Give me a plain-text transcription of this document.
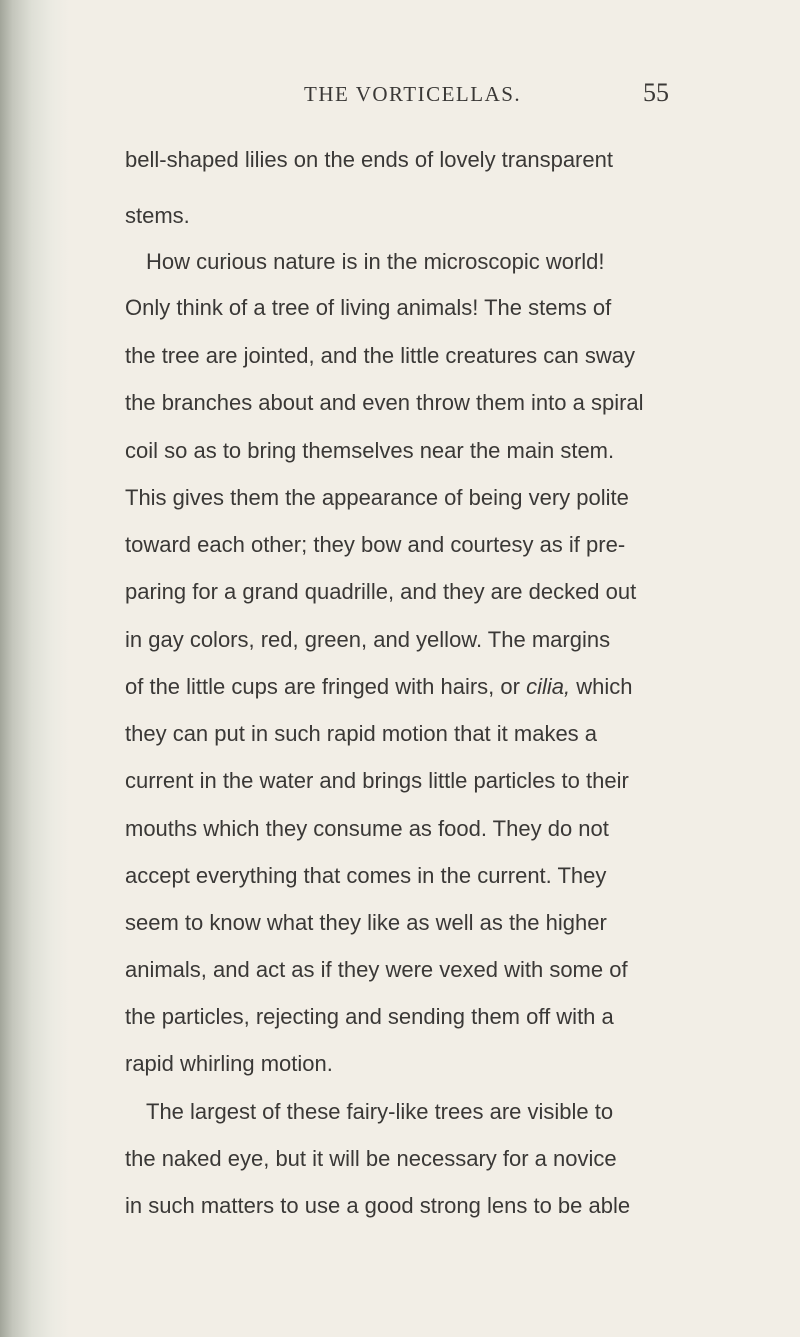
THE VORTICELLAS.	55
bell-shaped lilies on the ends of lovely transparent
stems.
How curious nature is in the microscopic world!
Only think of a tree of living animals! The stems of
the tree are jointed, and the little creatures can sway
the branches about and even throw them into a spiral
coil so as to bring themselves near the main stem.
This gives them the appearance of being very polite
toward each other; they bow and courtesy as if pre-
paring for a grand quadrille, and they are decked out
in gay colors, red, green, and yellow. The margins
of the little cups are fringed with hairs, or cilia, which
they can put in such rapid motion that it makes a
current in the water and brings little particles to their
mouths which they consume as food. They do not
accept everything that comes in the current. They
seem to know what they like as well as the higher
animals, and act as if they were vexed with some of
the particles, rejecting and sending them off with a
rapid whirling motion.
The largest of these fairy-like trees are visible to
the naked eye, but it will be necessary for a novice
in such matters to use a good strong lens to be able
